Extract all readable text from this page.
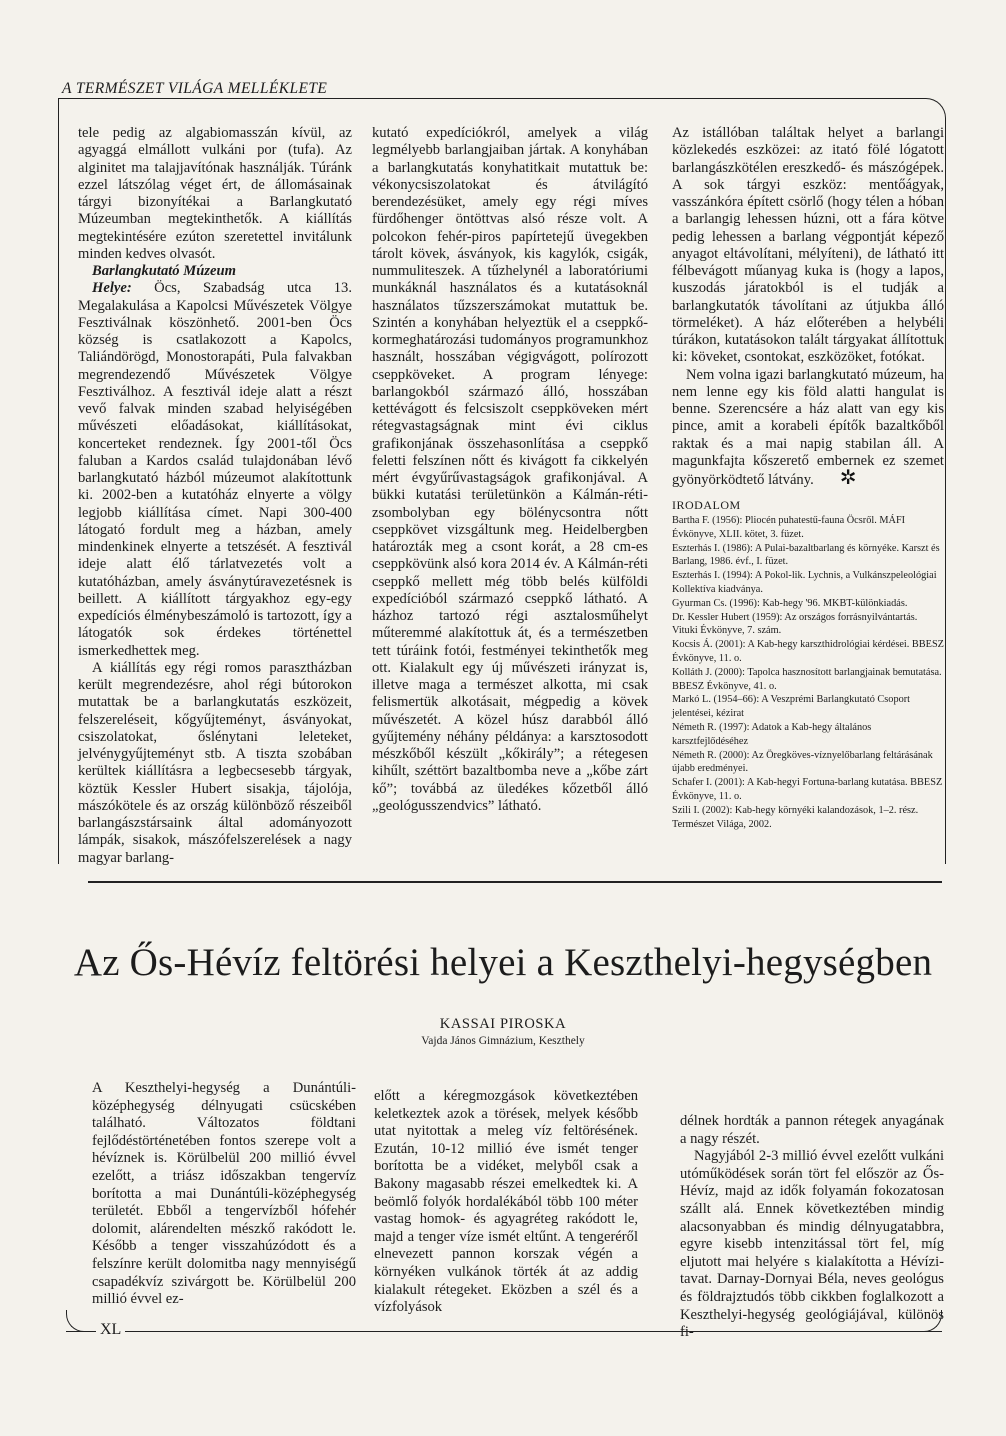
A TERMÉSZET VILÁGA MELLÉKLETE

tele pedig az algabiomasszán kívül, az agyaggá elmállott vulkáni por (tufa). Az alginitet ma talajjavítónak használják. Túránk ezzel látszólag véget ért, de állomásainak tárgyi bizonyítékai a Barlangkutató Múzeumban megtekinthetők. A kiállítás megtekintésére ezúton szeretettel invitálunk minden kedves olvasót.

Barlangkutató Múzeum

Helye: Öcs, Szabadság utca 13. Megalakulása a Kapolcsi Művészetek Völgye Fesztiválnak köszönhető. 2001-ben Öcs község is csatlakozott a Kapolcs, Taliándörögd, Monostorapáti, Pula falvakban megrendezendő Művészetek Völgye Fesztiválhoz. A fesztivál ideje alatt a részt vevő falvak minden szabad helyiségében művészeti előadásokat, kiállításokat, koncerteket rendeznek. Így 2001-től Öcs faluban a Kardos család tulajdonában lévő barlangkutató házból múzeumot alakítottunk ki. 2002-ben a kutatóház elnyerte a völgy legjobb kiállítása címet. Napi 300-400 látogató fordult meg a házban, amely mindenkinek elnyerte a tetszését. A fesztivál ideje alatt élő tárlatvezetés volt a kutatóházban, amely ásványtúravezetésnek is beillett. A kiállított tárgyakhoz egy-egy expedíciós élménybeszámoló is tartozott, így a látogatók sok érdekes történettel ismerkedhettek meg.

A kiállítás egy régi romos parasztházban került megrendezésre, ahol régi bútorokon mutattak be a barlangkutatás eszközeit, felszereléseit, kőgyűjteményt, ásványokat, csiszolatokat, őslénytani leleteket, jelvénygyűjteményt stb. A tiszta szobában kerültek kiállításra a legbecsesebb tárgyak, köztük Kessler Hubert sisakja, tájolója, mászókötele és az ország különböző részeiből barlangászstársaink által adományozott lámpák, sisakok, mászófelszerelések a nagy magyar barlang-

kutató expedíciókról, amelyek a világ legmélyebb barlangjaiban jártak. A konyhában a barlangkutatás konyhatitkait mutattuk be: vékonycsiszolatokat és átvilágító berendezésüket, amely egy régi míves fürdőhenger öntöttvas alsó része volt. A polcokon fehér-piros papírtetejű üvegekben tárolt kövek, ásványok, kis kagylók, csigák, nummuliteszek. A tűzhelynél a laboratóriumi munkáknál használatos és a kutatásoknál használatos tűzszerszámokat mutattuk be. Szintén a konyhában helyeztük el a cseppkő-kormeghatározási tudományos programunkhoz használt, hosszában végigvágott, polírozott cseppköveket. A program lényege: barlangokból származó álló, hosszában kettévágott és felcsiszolt cseppköveken mért rétegvastagságnak mint évi ciklus grafikonjának összehasonlítása a cseppkő feletti felszínen nőtt és kivágott fa cikkelyén mért évgyűrűvastagságok grafikonjával. A bükki kutatási területünkön a Kálmán-réti-zsombolyban egy bölénycsontra nőtt cseppkövet vizsgáltunk meg. Heidelbergben határozták meg a csont korát, a 28 cm-es cseppkövünk alsó kora 2014 év. A Kálmán-réti cseppkő mellett még több belés külföldi expedícióból származó cseppkő látható. A házhoz tartozó régi asztalosműhelyt műteremmé alakítottuk át, és a természetben tett túráink fotói, festményei tekinthetők meg ott. Kialakult egy új művészeti irányzat is, illetve maga a természet alkotta, mi csak felismertük alkotásait, mégpedig a kövek művészetét. A közel húsz darabból álló gyűjtemény néhány példánya: a karsztosodott mészkőből készült „kőkirály”; a rétegesen kihűlt, széttört bazaltbomba neve a „kőbe zárt kő”; továbbá az üledékes kőzetből álló „geológusszendvics” látható.

Az istállóban találtak helyet a barlangi közlekedés eszközei: az itató fölé lógatott barlangászkötélen ereszkedő- és mászógépek. A sok tárgyi eszköz: mentőágyak, vasszánkóra épített csörlő (hogy télen a hóban a barlangig lehessen húzni, ott a fára kötve pedig lehessen a barlang végpontját képező anyagot eltávolítani, mélyíteni), de látható itt félbevágott műanyag kuka is (hogy a lapos, kuszodás járatokból is el tudják a barlangkutatók távolítani az útjukba álló törmeléket). A ház előterében a helybéli túrákon, kutatásokon talált tárgyakat állítottuk ki: köveket, csontokat, eszközöket, fotókat.

Nem volna igazi barlangkutató múzeum, ha nem lenne egy kis föld alatti hangulat is benne. Szerencsére a ház alatt van egy kis pince, amit a korabeli építők bazaltkőből raktak és a mai napig stabilan áll. A magunkfajta kőszerető embernek ez szemet gyönyörködtető látvány. ✲

IRODALOM
Bartha F. (1956): Pliocén puhatestű-fauna Öcsről. MÁFI Évkönyve, XLII. kötet, 3. füzet.
Eszterhás I. (1986): A Pulai-bazaltbarlang és környéke. Karszt és Barlang, 1986. évf., I. füzet.
Eszterhás I. (1994): A Pokol-lik. Lychnis, a Vulkánszpeleológiai Kollektíva kiadványa.
Gyurman Cs. (1996): Kab-hegy '96. MKBT-különkiadás.
Dr. Kessler Hubert (1959): Az országos forrásnyilvántartás. Vituki Évkönyve, 7. szám.
Kocsis Á. (2001): A Kab-hegy karszthidrológiai kérdései. BBESZ Évkönyve, 11. o.
Kolláth J. (2000): Tapolca hasznosított barlangjainak bemutatása. BBESZ Évkönyve, 41. o.
Markó L. (1954–66): A Veszprémi Barlangkutató Csoport jelentései, kézirat
Németh R. (1997): Adatok a Kab-hegy általános karsztfejlődéséhez
Németh R. (2000): Az Öregköves-víznyelőbarlang feltárásának újabb eredményei.
Schafer I. (2001): A Kab-hegyi Fortuna-barlang kutatása. BBESZ Évkönyve, 11. o.
Szili I. (2002): Kab-hegy környéki kalandozások, 1–2. rész. Természet Világa, 2002.
Az Ős-Hévíz feltörési helyei a Keszthelyi-hegységben
KASSAI PIROSKA
Vajda János Gimnázium, Keszthely

A Keszthelyi-hegység a Dunántúli-középhegység délnyugati csücskében található. Változatos földtani fejlődéstörténetében fontos szerepe volt a hévíznek is. Körülbelül 200 millió évvel ezelőtt, a triász időszakban tengervíz borította a mai Dunántúli-középhegység területét. Ebből a tengervízből hófehér dolomit, alárendelten mészkő rakódott le. Később a tenger visszahúzódott és a felszínre került dolomitba nagy mennyiségű csapadékvíz szivárgott be. Körülbelül 200 millió évvel ez-

előtt a kéregmozgások következtében keletkeztek azok a törések, melyek később utat nyitottak a meleg víz feltörésének. Ezután, 10-12 millió éve ismét tenger borította be a vidéket, melyből csak a Bakony magasabb részei emelkedtek ki. A beömlő folyók hordalékából több 100 méter vastag homok- és agyagréteg rakódott le, majd a tenger víze ismét eltűnt. A tengeréről elnevezett pannon korszak végén a környéken vulkánok törték át az addig kialakult rétegeket. Eközben a szél és a vízfolyások

délnek hordták a pannon rétegek anyagának a nagy részét.

Nagyjából 2-3 millió évvel ezelőtt vulkáni utóműködések során tört fel először az Ős-Hévíz, majd az idők folyamán fokozatosan szállt alá. Ennek következtében mindig alacsonyabban és mindig délnyugatabbra, egyre kisebb intenzitással tört fel, míg eljutott mai helyére s kialakította a Hévízi-tavat. Darnay-Dornyai Béla, neves geológus és földrajztudós több cikkben foglalkozott a Keszthelyi-hegység geológiájával, különös fi-

XL
